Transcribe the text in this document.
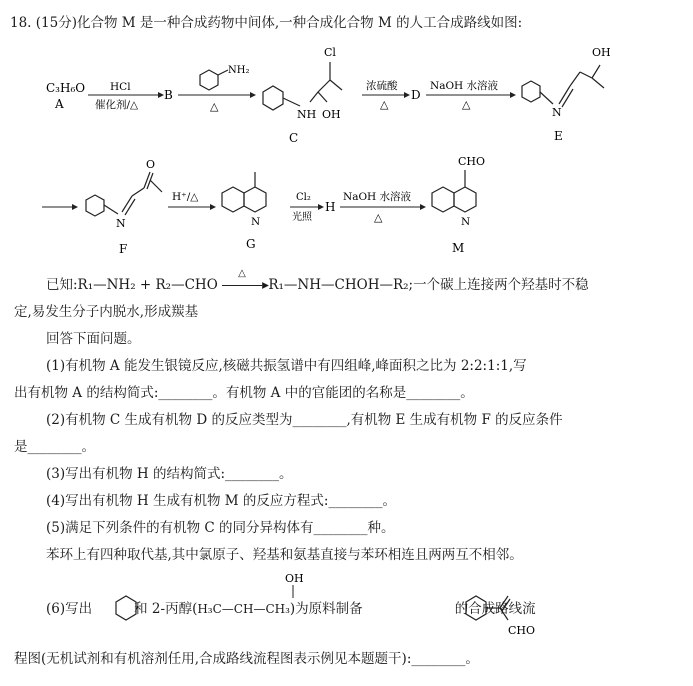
18. (15分)化合物 M 是一种合成药物中间体,一种合成化合物 M 的人工合成路线如图:
C₃H₆O
A
HCl
催化剂/△
B
NH₂
△
Cl
NH OH
C
浓硫酸
△
D
NaOH 水溶液
△
OH
N
E
O
N
F
H⁺/△
N
G
Cl₂
光照
H
NaOH 水溶液
△
CHO
N
M
已知:R₁—NH₂ + R₂—CHO
△
▸ R₁—NH—CHOH—R₂;一个碳上连接两个羟基时不稳
定,易发生分子内脱水,形成羰基
回答下面问题。
(1)有机物 A 能发生银镜反应,核磁共振氢谱中有四组峰,峰面积之比为 2:2:1:1,写
出有机物 A 的结构简式:________。有机物 A 中的官能团的名称是________。
(2)有机物 C 生成有机物 D 的反应类型为________,有机物 E 生成有机物 F 的反应条件
是________。
(3)写出有机物 H 的结构简式:________。
(4)写出有机物 H 生成有机物 M 的反应方程式:________。
(5)满足下列条件的有机物 C 的同分异构体有________种。
苯环上有四种取代基,其中氯原子、羟基和氨基直接与苯环相连且两两互不相邻。
OH
CHO
(6)写出	和 2-丙醇(H₃C—CH—CH₃)为原料制备	的合成路线流
程图(无机试剂和有机溶剂任用,合成路线流程图表示例见本题题干):________。
